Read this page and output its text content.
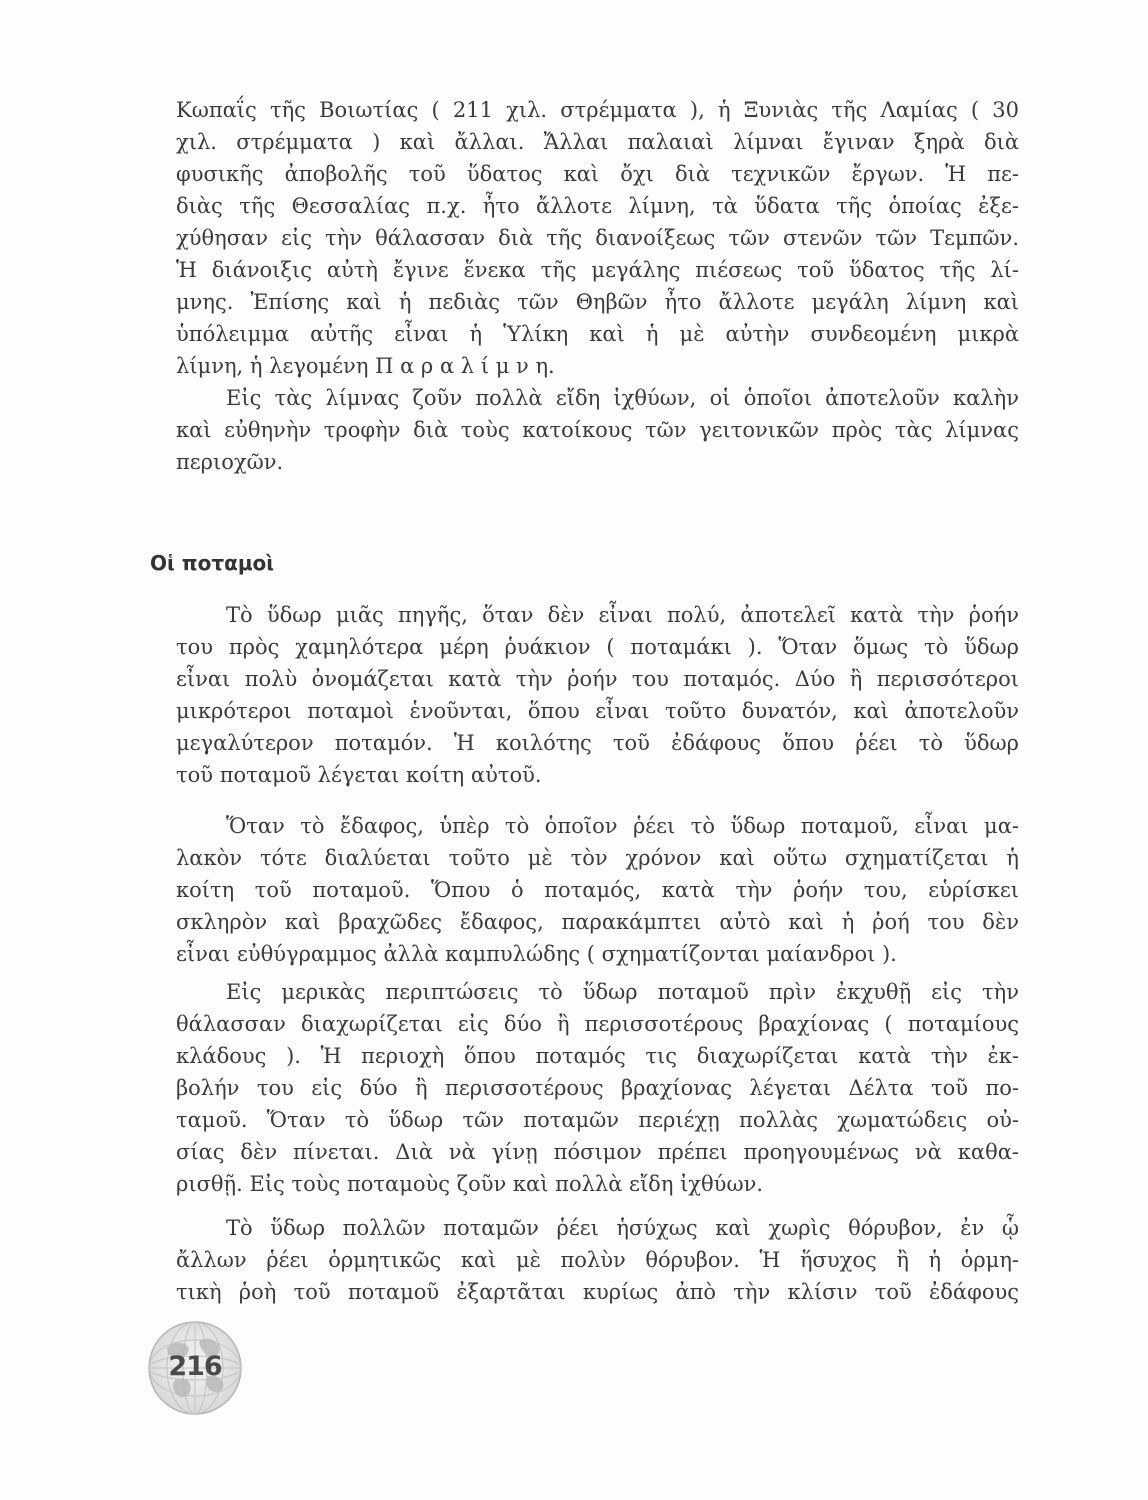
Κωπαΐς τῆς Βοιωτίας ( 211 χιλ. στρέμματα ), ἡ Ξυνιὰς τῆς Λαμίας ( 30

χιλ. στρέμματα ) καὶ ἄλλαι. Ἄλλαι παλαιαὶ λίμναι ἔγιναν ξηρὰ διὰ

φυσικῆς ἀποβολῆς τοῦ ὕδατος καὶ ὄχι διὰ τεχνικῶν ἔργων. Ἡ πε-

διὰς τῆς Θεσσαλίας π.χ. ἦτο ἄλλοτε λίμνη, τὰ ὕδατα τῆς ὁποίας ἐξε-

χύθησαν εἰς τὴν θάλασσαν διὰ τῆς διανοίξεως τῶν στενῶν τῶν Τεμπῶν.

Ἡ διάνοιξις αὐτὴ ἔγινε ἕνεκα τῆς μεγάλης πιέσεως τοῦ ὕδατος τῆς λί-

μνης. Ἐπίσης καὶ ἡ πεδιὰς τῶν Θηβῶν ἦτο ἄλλοτε μεγάλη λίμνη καὶ

ὑπόλειμμα αὐτῆς εἶναι ἡ Ὑλίκη καὶ ἡ μὲ αὐτὴν συνδεομένη μικρὰ

λίμνη, ἡ λεγομένη Π α ρ α λ ί μ ν η.

Εἰς τὰς λίμνας ζοῦν πολλὰ εἴδη ἰχθύων, οἱ ὁποῖοι ἀποτελοῦν καλὴν

καὶ εὐθηνὴν τροφὴν διὰ τοὺς κατοίκους τῶν γειτονικῶν πρὸς τὰς λίμνας

περιοχῶν.

Οἱ ποταμοὶ

Τὸ ὕδωρ μιᾶς πηγῆς, ὅταν δὲν εἶναι πολύ, ἀποτελεῖ κατὰ τὴν ῥοήν

του πρὸς χαμηλότερα μέρη ῥυάκιον ( ποταμάκι ). Ὅταν ὅμως τὸ ὕδωρ

εἶναι πολὺ ὀνομάζεται κατὰ τὴν ῥοήν του ποταμός. Δύο ἢ περισσότεροι

μικρότεροι ποταμοὶ ἑνοῦνται, ὅπου εἶναι τοῦτο δυνατόν, καὶ ἀποτελοῦν

μεγαλύτερον ποταμόν. Ἡ κοιλότης τοῦ ἐδάφους ὅπου ῥέει τὸ ὕδωρ

τοῦ ποταμοῦ λέγεται κοίτη αὐτοῦ.

Ὅταν τὸ ἔδαφος, ὑπὲρ τὸ ὁποῖον ῥέει τὸ ὕδωρ ποταμοῦ, εἶναι μα-

λακὸν τότε διαλύεται τοῦτο μὲ τὸν χρόνον καὶ οὕτω σχηματίζεται ἡ

κοίτη τοῦ ποταμοῦ. Ὅπου ὁ ποταμός, κατὰ τὴν ῥοήν του, εὑρίσκει

σκληρὸν καὶ βραχῶδες ἔδαφος, παρακάμπτει αὐτὸ καὶ ἡ ῥοή του δὲν

εἶναι εὐθύγραμμος ἀλλὰ καμπυλώδης ( σχηματίζονται μαίανδροι ).

Εἰς μερικὰς περιπτώσεις τὸ ὕδωρ ποταμοῦ πρὶν ἐκχυθῇ εἰς τὴν

θάλασσαν διαχωρίζεται εἰς δύο ἢ περισσοτέρους βραχίονας ( ποταμίους

κλάδους ). Ἡ περιοχὴ ὅπου ποταμός τις διαχωρίζεται κατὰ τὴν ἐκ-

βολήν του εἰς δύο ἢ περισσοτέρους βραχίονας λέγεται Δέλτα τοῦ πο-

ταμοῦ. Ὅταν τὸ ὕδωρ τῶν ποταμῶν περιέχῃ πολλὰς χωματώδεις οὐ-

σίας δὲν πίνεται. Διὰ νὰ γίνῃ πόσιμον πρέπει προηγουμένως νὰ καθα-

ρισθῇ. Εἰς τοὺς ποταμοὺς ζοῦν καὶ πολλὰ εἴδη ἰχθύων.

Τὸ ὕδωρ πολλῶν ποταμῶν ῥέει ἡσύχως καὶ χωρὶς θόρυβον, ἐν ᾧ

ἄλλων ῥέει ὁρμητικῶς καὶ μὲ πολὺν θόρυβον. Ἡ ἥσυχος ἢ ἡ ὁρμη-

τικὴ ῥοὴ τοῦ ποταμοῦ ἐξαρτᾶται κυρίως ἀπὸ τὴν κλίσιν τοῦ ἐδάφους

216
